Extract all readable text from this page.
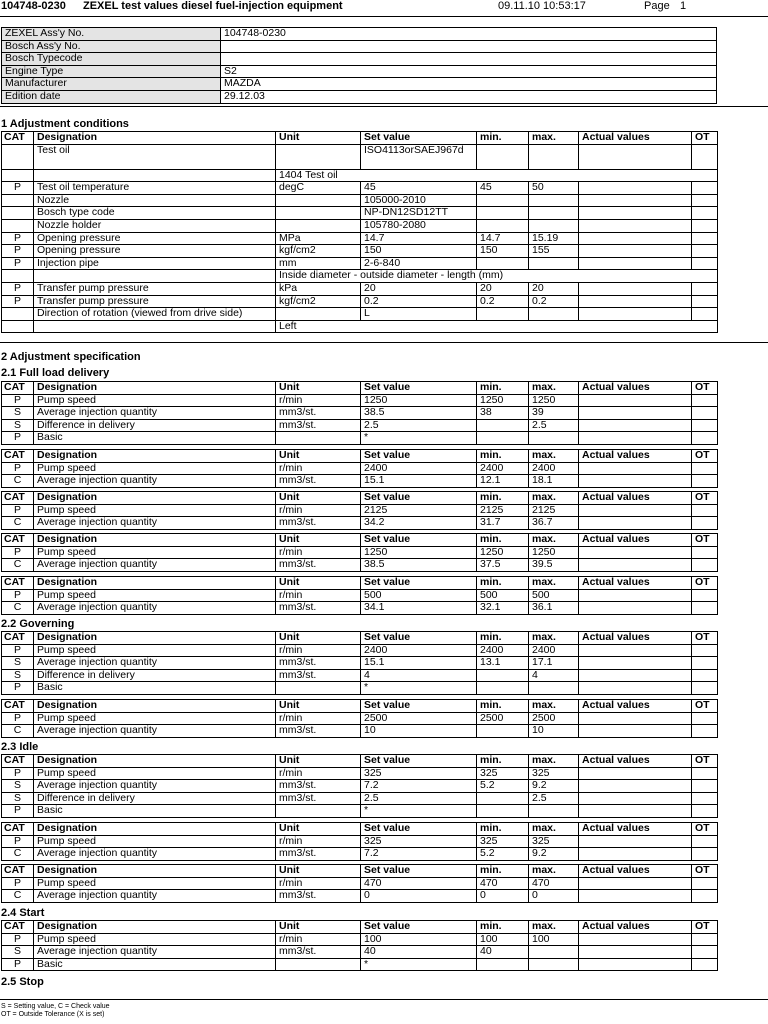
104748-0230 ZEXEL test values diesel fuel-injection equipment	09.11.10 10:53:17	Page 1
ZEXEL Ass'y No.	104748-0230
Bosch Ass'y No.	
Bosch Typecode	
Engine Type	S2
Manufacturer	MAZDA
Edition date	29.12.03
1 Adjustment conditions
CAT	Designation	Unit	Set value	min.	max.	Actual values	OT
	Test oil		ISO4113orSAEJ967d				
		1404 Test oil					
P	Test oil temperature	degC	45	45	50		
	Nozzle		105000-2010				
	Bosch type code		NP-DN12SD12TT				
	Nozzle holder		105780-2080				
P	Opening pressure	MPa	14.7	14.7	15.19		
P	Opening pressure	kgf/cm2	150	150	155		
P	Injection pipe	mm	2-6-840				
		Inside diameter - outside diameter - length (mm)					
P	Transfer pump pressure	kPa	20	20	20		
P	Transfer pump pressure	kgf/cm2	0.2	0.2	0.2		
	Direction of rotation (viewed from drive side)		L				
		Left					
2 Adjustment specification
2.1 Full load delivery
CAT	Designation	Unit	Set value	min.	max.	Actual values	OT
P	Pump speed	r/min	1250	1250	1250		
S	Average injection quantity	mm3/st.	38.5	38	39		
S	Difference in delivery	mm3/st.	2.5		2.5		
P	Basic		*				
CAT	Designation	Unit	Set value	min.	max.	Actual values	OT
P	Pump speed	r/min	2400	2400	2400		
C	Average injection quantity	mm3/st.	15.1	12.1	18.1		
CAT	Designation	Unit	Set value	min.	max.	Actual values	OT
P	Pump speed	r/min	2125	2125	2125		
C	Average injection quantity	mm3/st.	34.2	31.7	36.7		
CAT	Designation	Unit	Set value	min.	max.	Actual values	OT
P	Pump speed	r/min	1250	1250	1250		
C	Average injection quantity	mm3/st.	38.5	37.5	39.5		
CAT	Designation	Unit	Set value	min.	max.	Actual values	OT
P	Pump speed	r/min	500	500	500		
C	Average injection quantity	mm3/st.	34.1	32.1	36.1		
2.2 Governing
CAT	Designation	Unit	Set value	min.	max.	Actual values	OT
P	Pump speed	r/min	2400	2400	2400		
S	Average injection quantity	mm3/st.	15.1	13.1	17.1		
S	Difference in delivery	mm3/st.	4		4		
P	Basic		*				
CAT	Designation	Unit	Set value	min.	max.	Actual values	OT
P	Pump speed	r/min	2500	2500	2500		
C	Average injection quantity	mm3/st.	10		10		
2.3 Idle
CAT	Designation	Unit	Set value	min.	max.	Actual values	OT
P	Pump speed	r/min	325	325	325		
S	Average injection quantity	mm3/st.	7.2	5.2	9.2		
S	Difference in delivery	mm3/st.	2.5		2.5		
P	Basic		*				
CAT	Designation	Unit	Set value	min.	max.	Actual values	OT
P	Pump speed	r/min	325	325	325		
C	Average injection quantity	mm3/st.	7.2	5.2	9.2		
CAT	Designation	Unit	Set value	min.	max.	Actual values	OT
P	Pump speed	r/min	470	470	470		
C	Average injection quantity	mm3/st.	0	0	0		
2.4 Start
CAT	Designation	Unit	Set value	min.	max.	Actual values	OT
P	Pump speed	r/min	100	100	100		
S	Average injection quantity	mm3/st.	40	40			
P	Basic		*				
2.5 Stop
S = Setting value, C = Check value
OT = Outside Tolerance (X is set)
